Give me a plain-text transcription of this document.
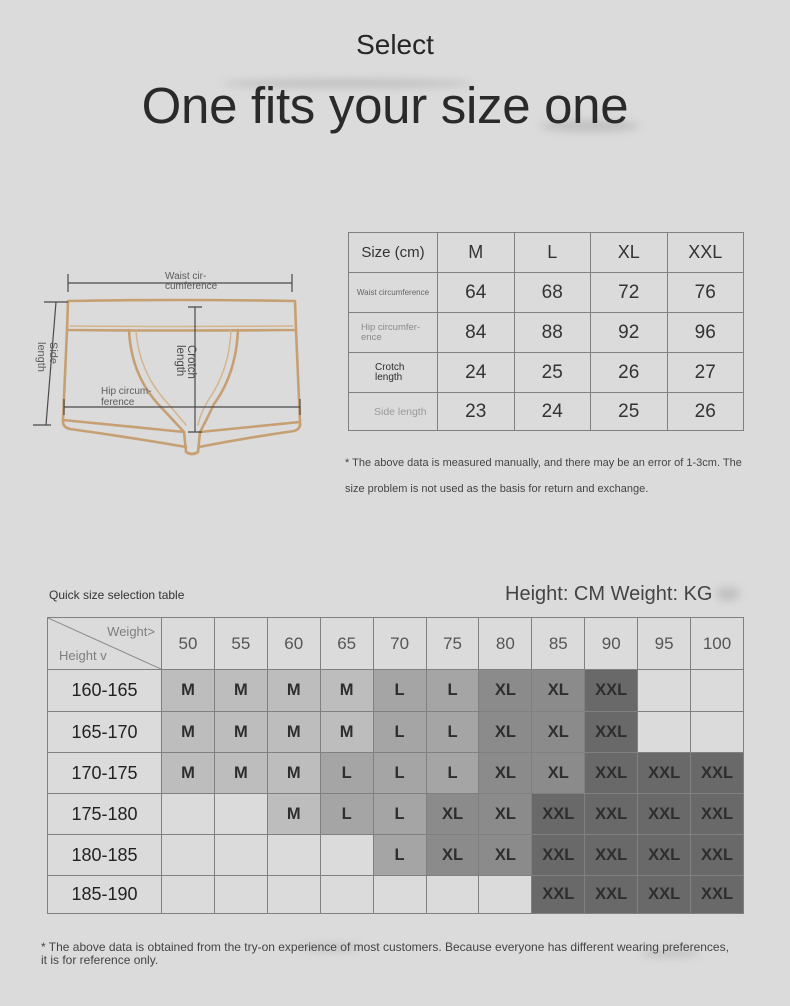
Select
One fits your size one
Waist cir-
cumference
Side
length	Crotch
length
Hip circum-
ference
Size (cm)	M	L	XL	XXL

Waist circumference	64	68	72	76

Hip circumfer-
ence	84	88	92	96

Crotch
length	24	25	26	27

Side length	23	24	25	26
* The above data is measured manually, and there may be an error of 1-3cm. The
size problem is not used as the basis for return and exchange.
Quick size selection table	Height: CM Weight: KG
Weight>
Height v	50	55	60	65	70	75	80	85	90	95	100
160-165	M	M	M	M	L	L	XL	XL	XXL		
165-170	M	M	M	M	L	L	XL	XL	XXL		
170-175	M	M	M	L	L	L	XL	XL	XXL	XXL	XXL
175-180			M	L	L	XL	XL	XXL	XXL	XXL	XXL
180-185					L	XL	XL	XXL	XXL	XXL	XXL
185-190								XXL	XXL	XXL	XXL
* The above data is obtained from the try-on experience of most customers. Because everyone has different wearing preferences,
it is for reference only.
